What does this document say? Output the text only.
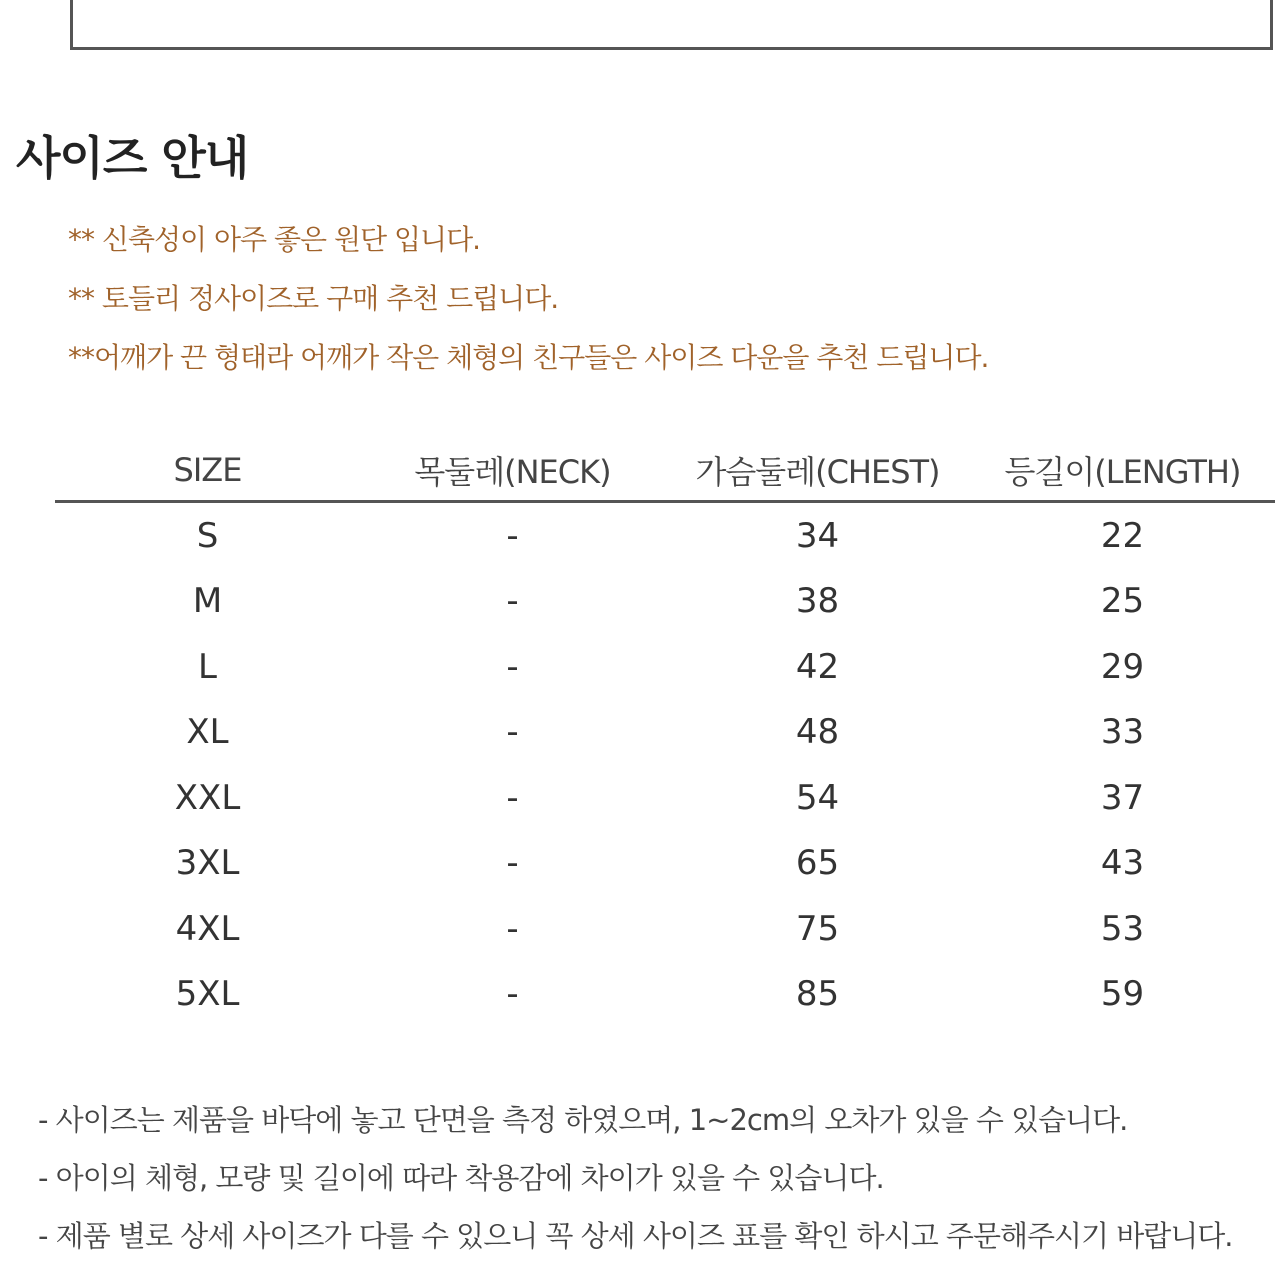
사이즈 안내
** 신축성이 아주 좋은 원단 입니다.
** 토들리 정사이즈로 구매 추천 드립니다.
**어깨가 끈 형태라 어깨가 작은 체형의 친구들은 사이즈 다운을 추천 드립니다.
SIZE	목둘레(NECK)	가슴둘레(CHEST)	등길이(LENGTH)
S	-	34	22
M	-	38	25
L	-	42	29
XL	-	48	33
XXL	-	54	37
3XL	-	65	43
4XL	-	75	53
5XL	-	85	59
- 사이즈는 제품을 바닥에 놓고 단면을 측정 하였으며, 1~2cm의 오차가 있을 수 있습니다.
- 아이의 체형, 모량 및 길이에 따라 착용감에 차이가 있을 수 있습니다.
- 제품 별로 상세 사이즈가 다를 수 있으니 꼭 상세 사이즈 표를 확인 하시고 주문해주시기 바랍니다.
